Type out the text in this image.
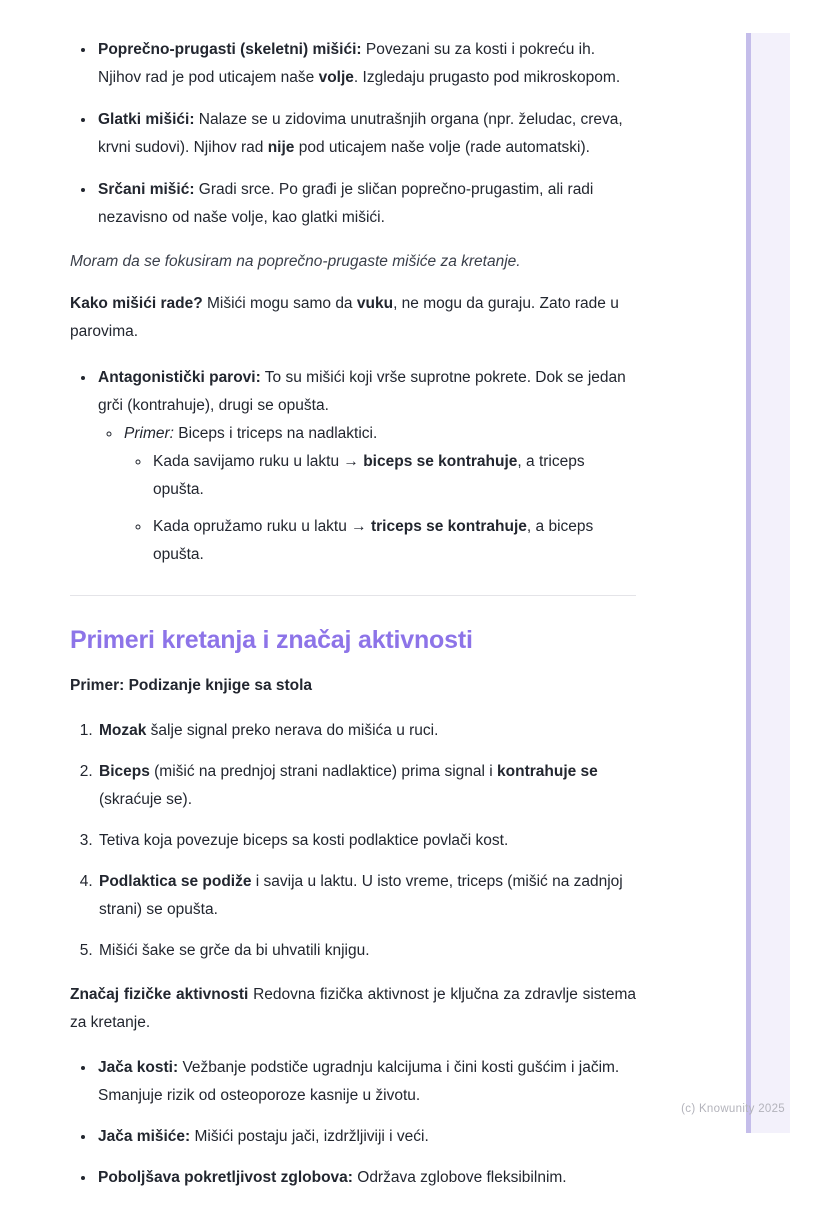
• Poprečno-prugasti (skeletni) mišići: Povezani su za kosti i pokreću ih. Njihov rad je pod uticajem naše volje. Izgledaju prugasto pod mikroskopom.
• Glatki mišići: Nalaze se u zidovima unutrašnjih organa (npr. želudac, creva, krvni sudovi). Njihov rad nije pod uticajem naše volje (rade automatski).
• Srčani mišić: Gradi srce. Po građi je sličan poprečno-prugastim, ali radi nezavisno od naše volje, kao glatki mišići.

Moram da se fokusiram na poprečno-prugaste mišiće za kretanje.

Kako mišići rade? Mišići mogu samo da vuku, ne mogu da guraju. Zato rade u parovima.

• Antagonistički parovi: To su mišići koji vrše suprotne pokrete. Dok se jedan grči (kontrahuje), drugi se opušta.
◦ Primer: Biceps i triceps na nadlaktici.
◦ Kada savijamo ruku u laktu → biceps se kontrahuje, a triceps opušta.
◦ Kada opružamo ruku u laktu → triceps se kontrahuje, a biceps opušta.
Primeri kretanja i značaj aktivnosti

Primer: Podizanje knjige sa stola

1. Mozak šalje signal preko nerava do mišića u ruci.
2. Biceps (mišić na prednjoj strani nadlaktice) prima signal i kontrahuje se (skraćuje se).
3. Tetiva koja povezuje biceps sa kosti podlaktice povlači kost.
4. Podlaktica se podiže i savija u laktu. U isto vreme, triceps (mišić na zadnjoj strani) se opušta.
5. Mišići šake se grče da bi uhvatili knjigu.

Značaj fizičke aktivnosti Redovna fizička aktivnost je ključna za zdravlje sistema za kretanje.

• Jača kosti: Vežbanje podstiče ugradnju kalcijuma i čini kosti gušćim i jačim. Smanjuje rizik od osteoporoze kasnije u životu.
• Jača mišiće: Mišići postaju jači, izdržljiviji i veći.
• Poboljšava pokretljivost zglobova: Održava zglobove fleksibilnim.
(c) Knowunity 2025
